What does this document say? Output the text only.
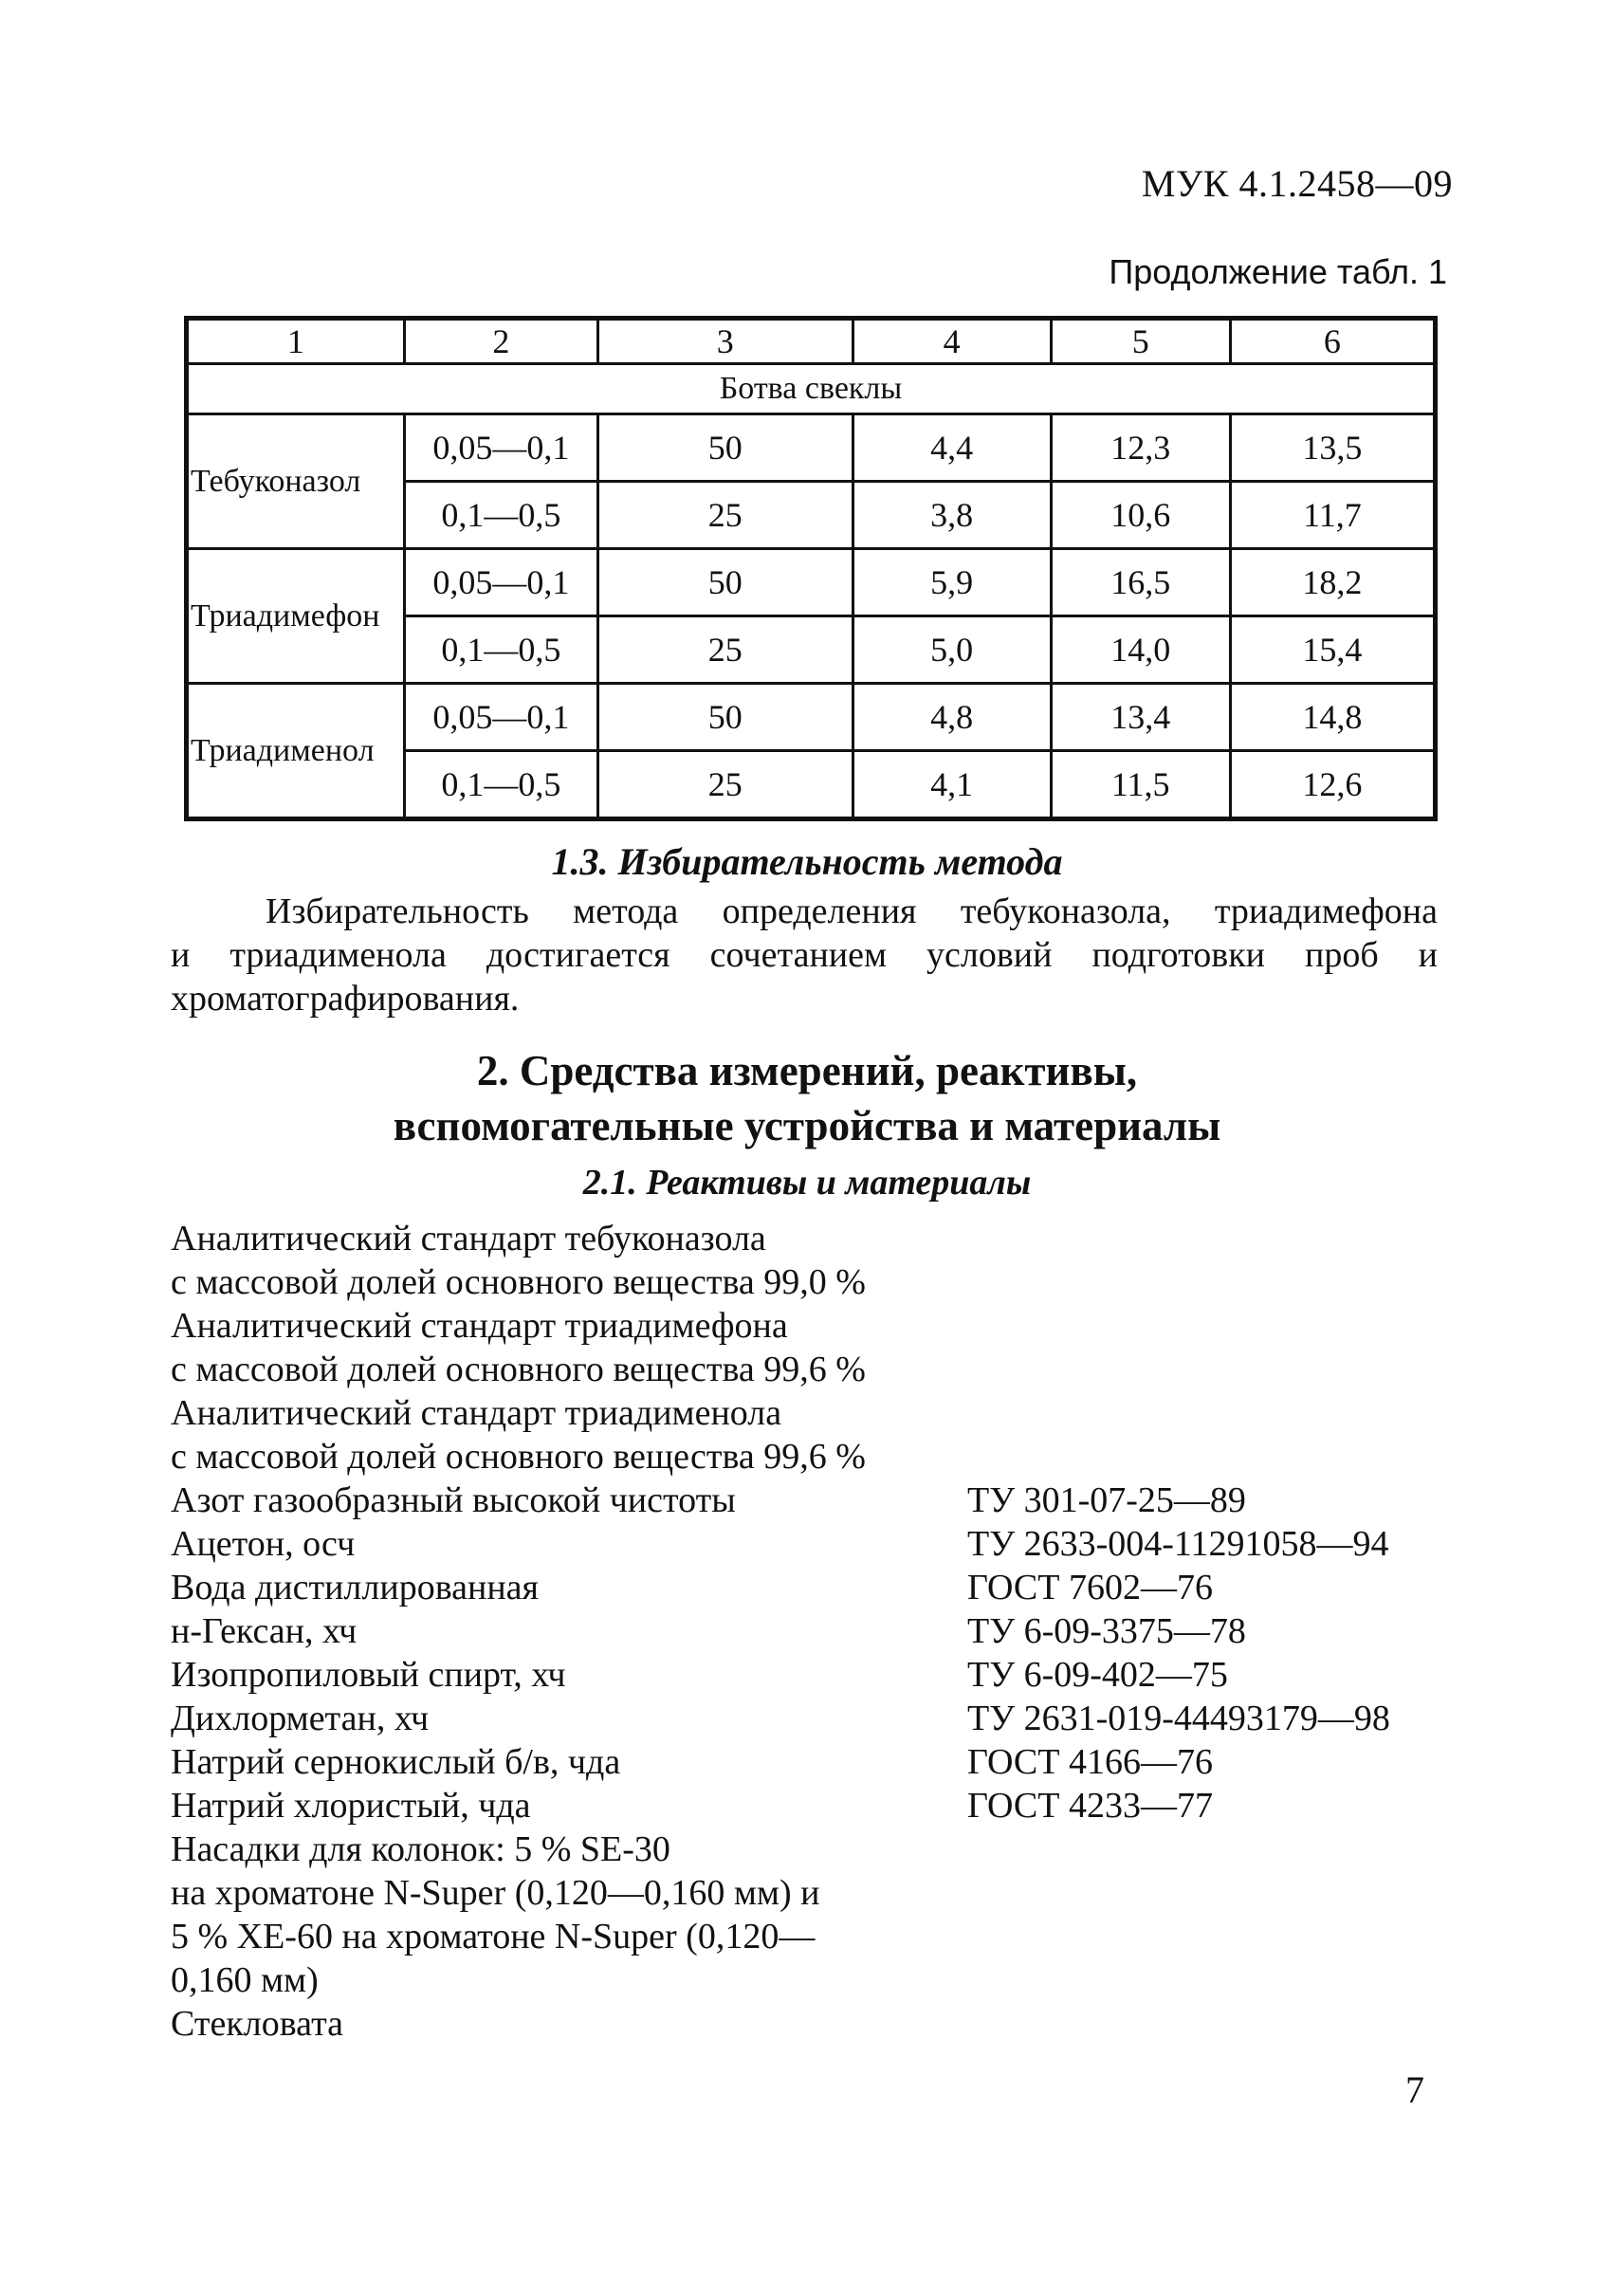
МУК 4.1.2458—09
Продолжение табл. 1
1	2	3	4	5	6
Ботва свеклы					
Тебуконазол	0,05—0,1	50	4,4	12,3	13,5
	0,1—0,5	25	3,8	10,6	11,7
Триадимефон	0,05—0,1	50	5,9	16,5	18,2
	0,1—0,5	25	5,0	14,0	15,4
Триадименол	0,05—0,1	50	4,8	13,4	14,8
	0,1—0,5	25	4,1	11,5	12,6
1.3. Избирательность метода
Избирательность метода определения тебуконазола, триадимефона
и триадименола достигается сочетанием условий подготовки проб и хроматографирования.
2. Средства измерений, реактивы,
вспомогательные устройства и материалы
2.1. Реактивы и материалы
Аналитический стандарт тебуконазола
с массовой долей основного вещества 99,0 %
Аналитический стандарт триадимефона
с массовой долей основного вещества 99,6 %
Аналитический стандарт триадименола
с массовой долей основного вещества 99,6 %
Азот газообразный высокой чистоты	ТУ 301-07-25—89
Ацетон, осч	ТУ 2633-004-11291058—94
Вода дистиллированная	ГОСТ 7602—76
н-Гексан, хч	ТУ 6-09-3375—78
Изопропиловый спирт, хч	ТУ 6-09-402—75
Дихлорметан, хч	ТУ 2631-019-44493179—98
Натрий сернокислый б/в, чда	ГОСТ 4166—76
Натрий хлористый, чда	ГОСТ 4233—77
Насадки для колонок: 5 % SE-30
на хроматоне N-Super (0,120—0,160 мм) и
5 % ХЕ-60 на хроматоне N-Super (0,120—
0,160 мм)
Стекловата
7
